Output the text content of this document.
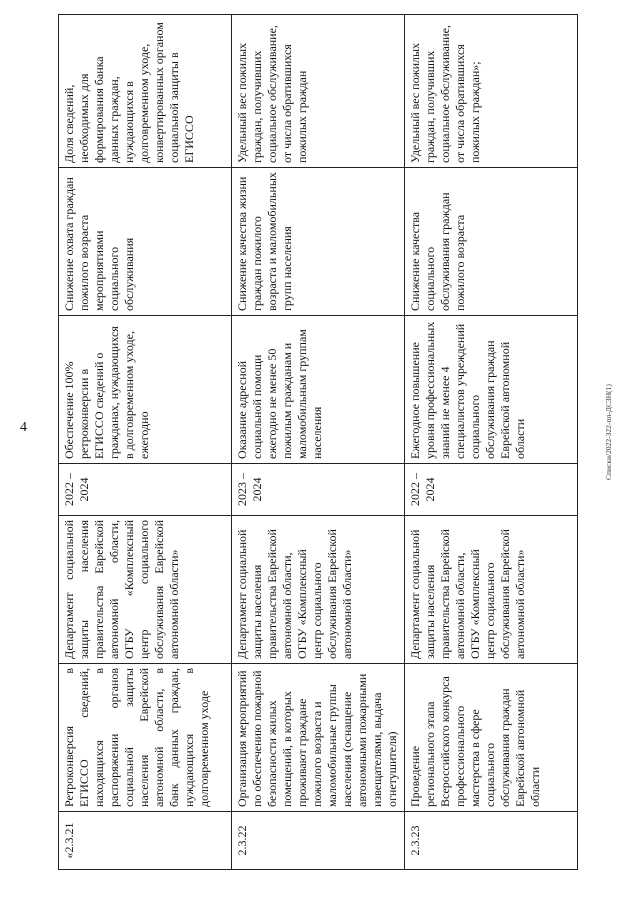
4	Списки/2022-322-пп-ДСЗН(1)
«2.3.21	Ретроконверсия в ЕГИССО сведений, находящихся в распоряжении органов социальной защиты населения Еврейской автономной области, в банк данных граждан, нуждающихся в долговременном уходе	Департамент социальной защиты населения правительства Еврейской автономной области, ОГБУ «Комплексный центр социального обслуживания Еврейской автономной области»	2022 – 2024	Обеспечение 100% ретроконверсии в ЕГИССО сведений о гражданах, нуждающихся в долговременном уходе, ежегодно	Снижение охвата граждан пожилого возраста мероприятиями социального обслуживания	Доля сведений, необходимых для формирования банка данных граждан, нуждающихся в долговременном уходе, конвертированных органом социальной защиты в ЕГИССО
2.3.22	Организация мероприятий по обеспечению пожарной безопасности жилых помещений, в которых проживают граждане пожилого возраста и маломобильные группы населения (оснащение автономными пожарными извещателями, выдача огнетушителя)	Департамент социальной защиты населения правительства Еврейской автономной области, ОГБУ «Комплексный центр социального обслуживания Еврейской автономной области»	2023 – 2024	Оказание адресной социальной помощи ежегодно не менее 50 пожилым гражданам и маломобильным группам населения	Снижение качества жизни граждан пожилого возраста и маломобильных групп населения	Удельный вес пожилых граждан, получивших социальное обслуживание, от числа обратившихся пожилых граждан
2.3.23	Проведение регионального этапа Всероссийского конкурса профессионального мастерства в сфере социального обслуживания граждан Еврейской автономной области	Департамент социальной защиты населения правительства Еврейской автономной области, ОГБУ «Комплексный центр социального обслуживания Еврейской автономной области»	2022 – 2024	Ежегодное повышение уровня профессиональных знаний не менее 4 специалистов учреждений социального обслуживания граждан Еврейской автономной области	Снижение качества социального обслуживания граждан пожилого возраста	Удельный вес пожилых граждан, получивших социальное обслуживание, от числа обратившихся пожилых граждан»;
